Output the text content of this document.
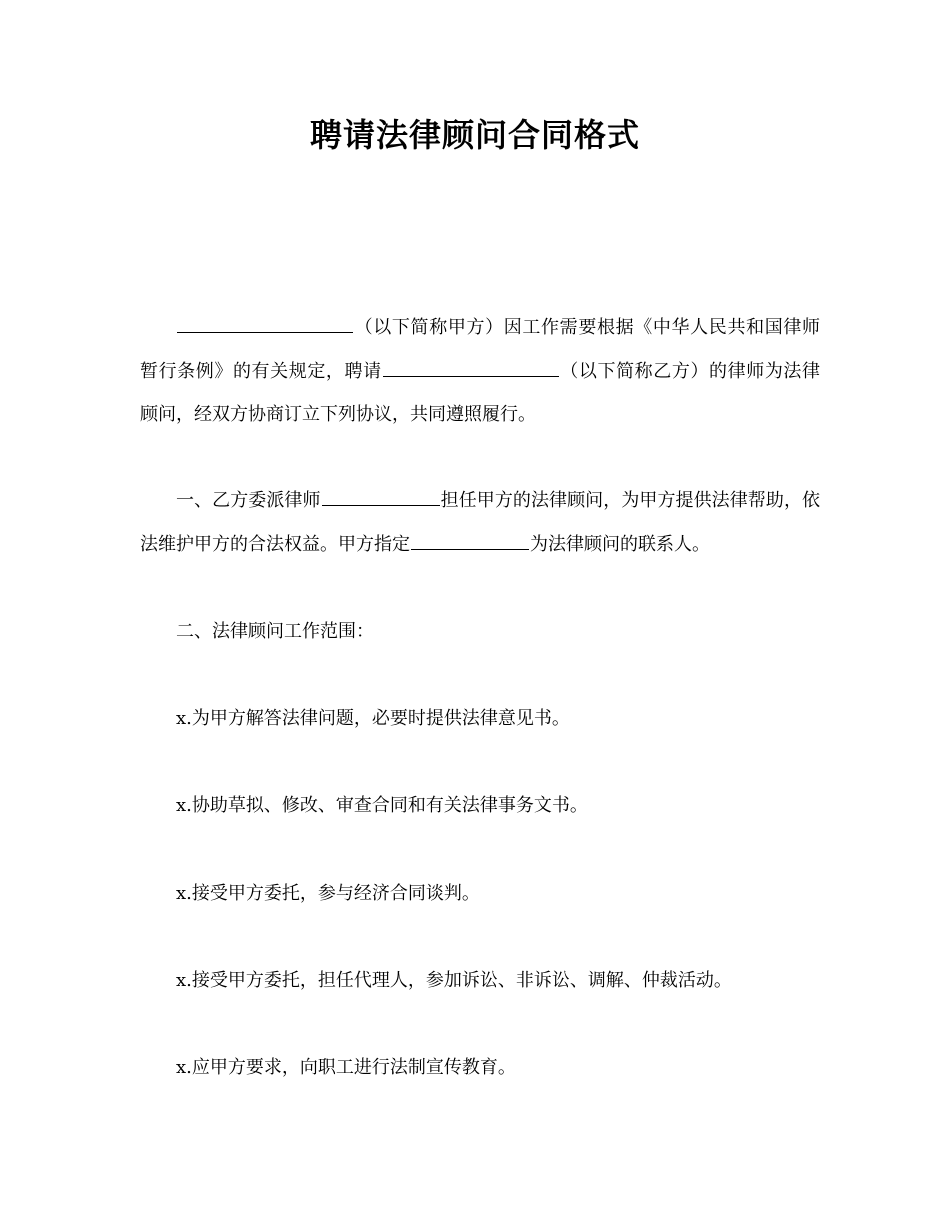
聘请法律顾问合同格式

（以下简称甲方）因工作需要根据《中华人民共和国律师暂行条例》的有关规定，聘请	（以下简称乙方）的律师为法律顾问，经双方协商订立下列协议，共同遵照履行。

一、乙方委派律师	担任甲方的法律顾问，为甲方提供法律帮助，依法维护甲方的合法权益。甲方指定	为法律顾问的联系人。

二、法律顾问工作范围：
x.为甲方解答法律问题，必要时提供法律意见书。
x.协助草拟、修改、审查合同和有关法律事务文书。
x.接受甲方委托，参与经济合同谈判。
x.接受甲方委托，担任代理人，参加诉讼、非诉讼、调解、仲裁活动。
x.应甲方要求，向职工进行法制宣传教育。
